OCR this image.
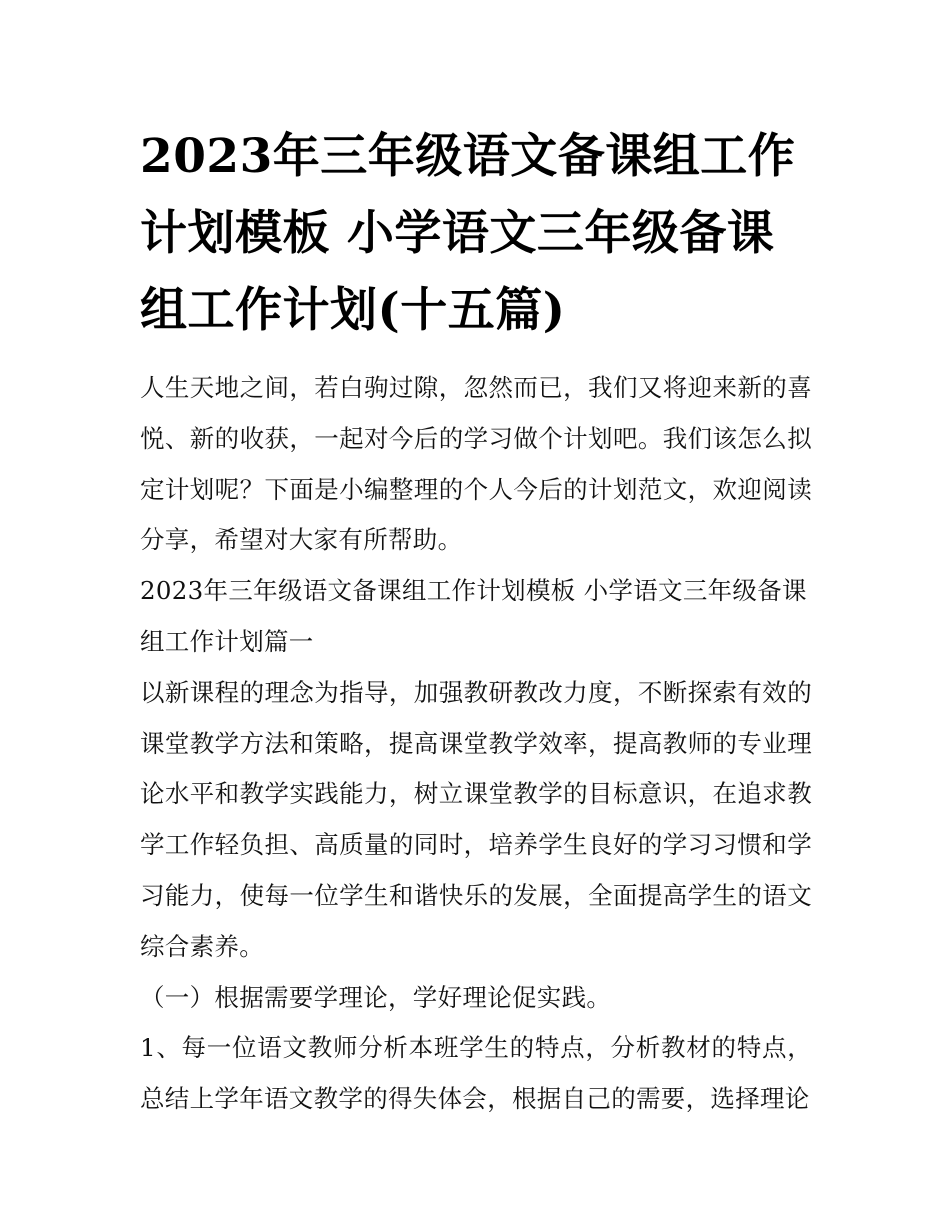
2023年三年级语文备课组工作计划模板 小学语文三年级备课组工作计划(十五篇)

人生天地之间，若白驹过隙，忽然而已，我们又将迎来新的喜悦、新的收获，一起对今后的学习做个计划吧。我们该怎么拟定计划呢？下面是小编整理的个人今后的计划范文，欢迎阅读分享，希望对大家有所帮助。

2023年三年级语文备课组工作计划模板 小学语文三年级备课组工作计划篇一

以新课程的理念为指导，加强教研教改力度，不断探索有效的课堂教学方法和策略，提高课堂教学效率，提高教师的专业理论水平和教学实践能力，树立课堂教学的目标意识，在追求教学工作轻负担、高质量的同时，培养学生良好的学习习惯和学习能力，使每一位学生和谐快乐的发展，全面提高学生的语文综合素养。

（一）根据需要学理论，学好理论促实践。

1、每一位语文教师分析本班学生的特点，分析教材的特点，总结上学年语文教学的得失体会，根据自己的需要，选择理论
